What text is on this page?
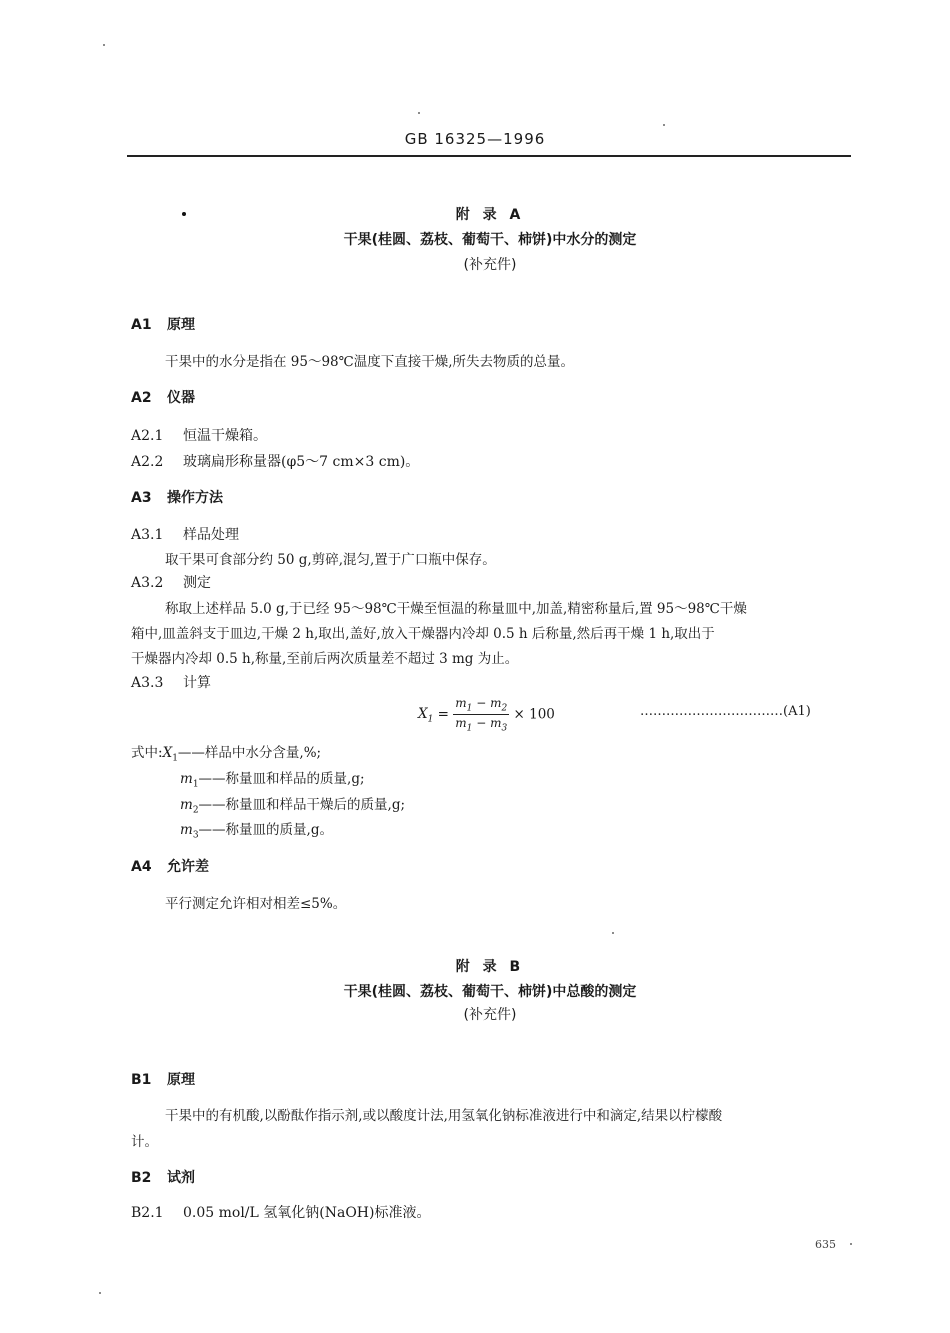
GB 16325—1996
附 录 A
干果(桂圆、荔枝、葡萄干、柿饼)中水分的测定
(补充件)
A1 原理
干果中的水分是指在 95～98℃温度下直接干燥,所失去物质的总量。
A2 仪器
A2.1 恒温干燥箱。
A2.2 玻璃扁形称量器(φ5～7 cm×3 cm)。
A3 操作方法
A3.1 样品处理
取干果可食部分约 50 g,剪碎,混匀,置于广口瓶中保存。
A3.2 测定
称取上述样品 5.0 g,于已经 95～98℃干燥至恒温的称量皿中,加盖,精密称量后,置 95～98℃干燥
箱中,皿盖斜支于皿边,干燥 2 h,取出,盖好,放入干燥器内冷却 0.5 h 后称量,然后再干燥 1 h,取出于
干燥器内冷却 0.5 h,称量,至前后两次质量差不超过 3 mg 为止。
A3.3 计算
$X_1 = \frac{m_1 - m_2}{m_1 - m_3} \times 100$	……………………………(A1)
式中$:X_1——$样品中水分含量,%;
$m_1——$称量皿和样品的质量,g;
$m_2——$称量皿和样品干燥后的质量,g;
$m_3——$称量皿的质量,g。
A4 允许差
平行测定允许相对相差≤5%。
附 录 B
干果(桂圆、荔枝、葡萄干、柿饼)中总酸的测定
(补充件)
B1 原理
干果中的有机酸,以酚酞作指示剂,或以酸度计法,用氢氧化钠标准液进行中和滴定,结果以柠檬酸
计。
B2 试剂
B2.1 0.05 mol/L 氢氧化钠(NaOH)标准液。
635
